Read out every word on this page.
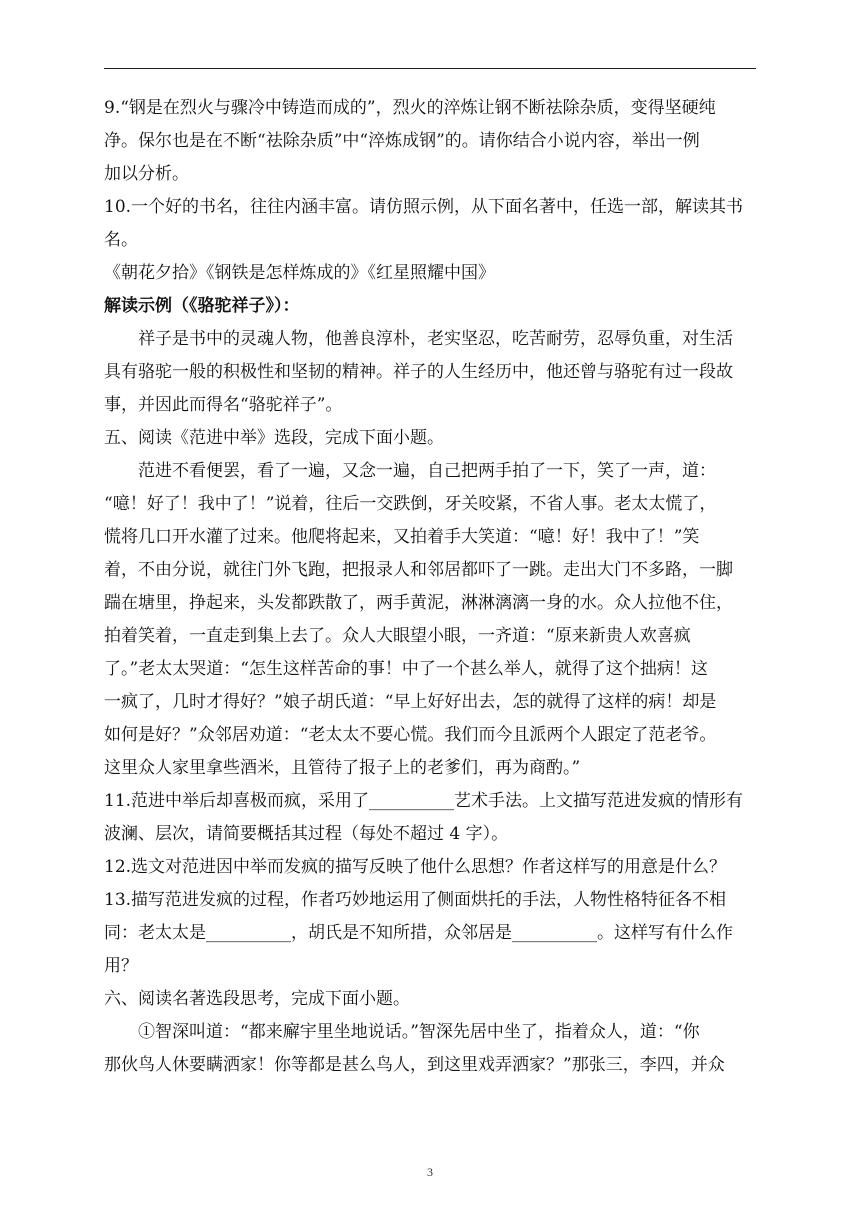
9.“钢是在烈火与骤冷中铸造而成的”，烈火的淬炼让钢不断祛除杂质，变得坚硬纯
净。保尔也是在不断“祛除杂质”中“淬炼成钢”的。请你结合小说内容，举出一例
加以分析。
10.一个好的书名，往往内涵丰富。请仿照示例，从下面名著中，任选一部，解读其书
名。
《朝花夕拾》《钢铁是怎样炼成的》《红星照耀中国》
解读示例（《骆驼祥子》）：
祥子是书中的灵魂人物，他善良淳朴，老实坚忍，吃苦耐劳，忍辱负重，对生活
具有骆驼一般的积极性和坚韧的精神。祥子的人生经历中，他还曾与骆驼有过一段故
事，并因此而得名“骆驼祥子”。
五、阅读《范进中举》选段，完成下面小题。
范进不看便罢，看了一遍，又念一遍，自己把两手拍了一下，笑了一声，道：
“噫！好了！我中了！”说着，往后一交跌倒，牙关咬紧，不省人事。老太太慌了，
慌将几口开水灌了过来。他爬将起来，又拍着手大笑道：“噫！好！我中了！”笑
着，不由分说，就往门外飞跑，把报录人和邻居都吓了一跳。走出大门不多路，一脚
踹在塘里，挣起来，头发都跌散了，两手黄泥，淋淋漓漓一身的水。众人拉他不住，
拍着笑着，一直走到集上去了。众人大眼望小眼，一齐道：“原来新贵人欢喜疯
了。”老太太哭道：“怎生这样苦命的事！中了一个甚么举人，就得了这个拙病！这
一疯了，几时才得好？”娘子胡氏道：“早上好好出去，怎的就得了这样的病！却是
如何是好？”众邻居劝道：“老太太不要心慌。我们而今且派两个人跟定了范老爷。
这里众人家里拿些酒米，且管待了报子上的老爹们，再为商酌。”
11.范进中举后却喜极而疯，采用了__________艺术手法。上文描写范进发疯的情形有
波澜、层次，请简要概括其过程（每处不超过 4 字）。
12.选文对范进因中举而发疯的描写反映了他什么思想？作者这样写的用意是什么？
13.描写范进发疯的过程，作者巧妙地运用了侧面烘托的手法，人物性格特征各不相
同：老太太是__________，胡氏是不知所措，众邻居是__________。这样写有什么作
用？
六、阅读名著选段思考，完成下面小题。
①智深叫道：“都来廨宇里坐地说话。”智深先居中坐了，指着众人，道：“你
那伙鸟人休要瞒洒家！你等都是甚么鸟人，到这里戏弄洒家？”那张三，李四，并众
3
